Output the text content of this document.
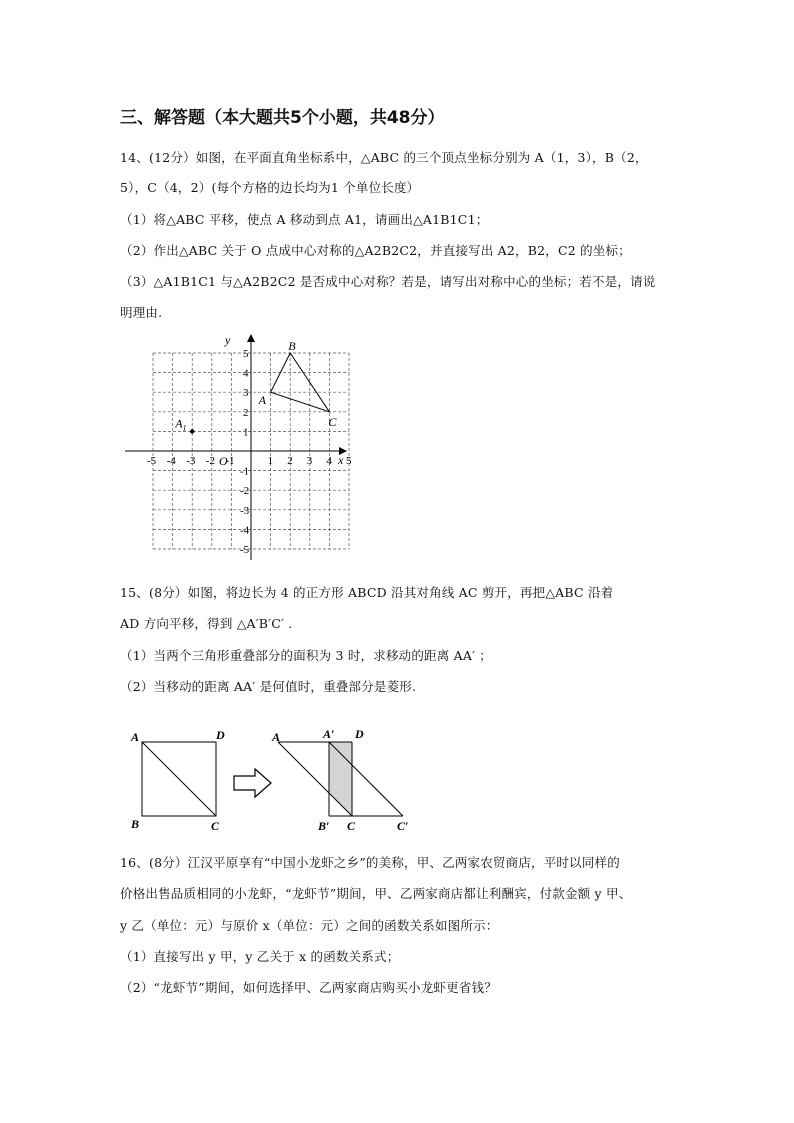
三、解答题（本大题共5个小题，共48分）
14、(12分）如图，在平面直角坐标系中，△ABC 的三个顶点坐标分别为 A（1，3），B（2，
5），C（4，2）(每个方格的边长均为1 个单位长度）
（1）将△ABC 平移，使点 A 移动到点 A1，请画出△A1B1C1；
（2）作出△ABC 关于 O 点成中心对称的△A2B2C2，并直接写出 A2，B2，C2 的坐标；
（3）△A1B1C1 与△A2B2C2 是否成中心对称？若是，请写出对称中心的坐标；若不是，请说
明理由.
x
y
O
-5 -4 -3 -2 -1	1 2 3 4 5
5
4
3
2
1
-1
-2
-3
-4
-5
A
B
C
$A_1$
15、(8分）如图，将边长为 4 的正方形 ABCD 沿其对角线 AC 剪开，再把△ABC 沿着
AD 方向平移，得到 △A′B′C′ .
（1）当两个三角形重叠部分的面积为 3 时，求移动的距离 AA′ ；
（2）当移动的距离 AA′ 是何值时，重叠部分是菱形.
A	D
B	C
A	A′ D
B′ C	C′
16、(8分）江汉平原享有“中国小龙虾之乡”的美称，甲、乙两家农贸商店，平时以同样的
价格出售品质相同的小龙虾，“龙虾节”期间，甲、乙两家商店都让利酬宾，付款金额 y 甲、
y 乙（单位：元）与原价 x（单位：元）之间的函数关系如图所示：
（1）直接写出 y 甲，y 乙关于 x 的函数关系式；
（2）“龙虾节”期间，如何选择甲、乙两家商店购买小龙虾更省钱？
